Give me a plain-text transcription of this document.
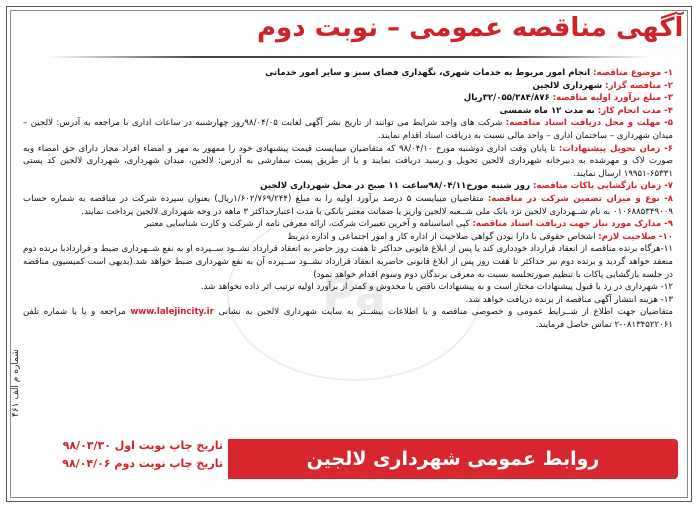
آگهی مناقصه عمومی – نوبت دوم
Pa

۱- موضوع مناقصه: انجام امور مربوط به خدمات شهری، نگهداری فضای سبز و سایر امور خدماتی

۲- مناقصه گزار: شهرداری لالجین

۳- مبلغ برآورد اولیه مناقصه: ۳۲/۰۵۵/۳۸۴/۸۷۶ریال

۴- مدت انجام کار: به مدت ۱۲ ماه شمسی

۵- مهلت و محل دریافت اسناد مناقصه: شرکت های واجد شرایط می توانند از تاریخ نشر آگهی لغایت ۹۸/۰۴/۰۵روز چهارشنبه در ساعات اداری با مراجعه به آدرس: لالجین – میدان شهرداری – ساختمان اداری – واحد مالی نسبت به دریافت اسناد اقدام نمایند.

۶- زمان تحویل پیشنهادات: تا پایان وقت اداری دوشنبه مورخ ۹۸/۰۴/۱۰ که متقاضیان میبایست قیمت پیشنهادی خود را ممهور به مهر و امضاء افراد مجاز دارای حق امضاء وبه صورت لاک و مهرشده به دبیرخانه شهرداری لالجین تحویل و رسید دریافت نمایند و یا از طریق پست سفارشی به آدرس: لالجین، میدان شهرداری، شهرداری لالجین کد پستی ۶۵۳۳۱-۱۹۹۵۱ ارسال نمایند.

۷- زمان بازگشایی پاکات مناقصه: روز شنبه مورخ۹۸/۰۴/۱۱ساعت ۱۱ صبح در محل شهرداری لالجین

۸- نوع و میزان تضمین شرکت در مناقصه: متقاضیان میبایست ۵ درصد برآورد اولیه را به مبلغ (۱/۶۰۲/۷۶۹/۲۴۴ریال) بعنوان سپرده شرکت در مناقصه به شماره حساب ۰۱۰۶۸۸۵۳۴۹۰۰۹ به نام شــهرداری لالجین نزد بانک ملی شــعبه لالجین واریز یا ضمانت معتبر بانکی با مدت اعتبارحداکثر ۳ ماهه در وجه شهرداری لالجین پرداخت نمایند.

۹- مدارک مورد نیاز جهت دریافت اسناد مناقصه: کپی اساسنامه و آخرین تغییرات شرکت، ارائه معرفی نامه از شرکت و کارت شناسایی معتبر

۱۰- صلاحیت لازم: اشخاص حقوقی با دارا بودن گواهی صلاحیت از اداره کار و امور اجتماعی و اداره ذیربط

۱۱-هرگاه برنده مناقصه از انعقاد قرارداد خودداری کند یا پس از ابلاغ قانونی حداکثر تا هفت روز حاضر به انعقاد قرارداد نشــود ســپرده او به نفع شــهرداری ضبط و قراردادبا برنده دوم منعقد خواهد گردید و برنده دوم نیز حداکثر تا هفت روز پس از ابلاغ قانونی حاضربه انعقاد قرارداد نشــود ســپرده آن به نفع شهرداری ضبط خواهد شد.(بدیهی است کمیسیون مناقصه در جلسه بازگشایی پاکات با تنظیم صورتجلسه نسبت به معرفی برندگان دوم وسوم اقدام خواهد نمود)

۱۲- شهرداری در رد یا قبول پیشنهادات مختار است و به پیشنهادات ناقص یا مخدوش و کمتر از برآورد اولیه ترتیب اثر داده نخواهد شد.

۱۳- هزینه انتشار آگهی مناقصه از برنده دریافت خواهد شد.

متقاضیان جهت اطلاع از شــرایط عمومی و خصوصی مناقصه و یا اطلاعات بیشــتر به سایت شهرداری لالجین به نشانی www.lalejincity.ir مراجعه و یا با شماره تلفن ۰۸۱۳۴۵۲۲۰۶۱-۲ تماس حاصل فرمایند.

شماره م الف ۴۶۱
تاریخ چاپ نوبت اول ۹۸/۰۳/۳۰
تاریخ چاپ نوبت دوم ۹۸/۰۴/۰۶	روابط عمومی شهرداری لالجین
